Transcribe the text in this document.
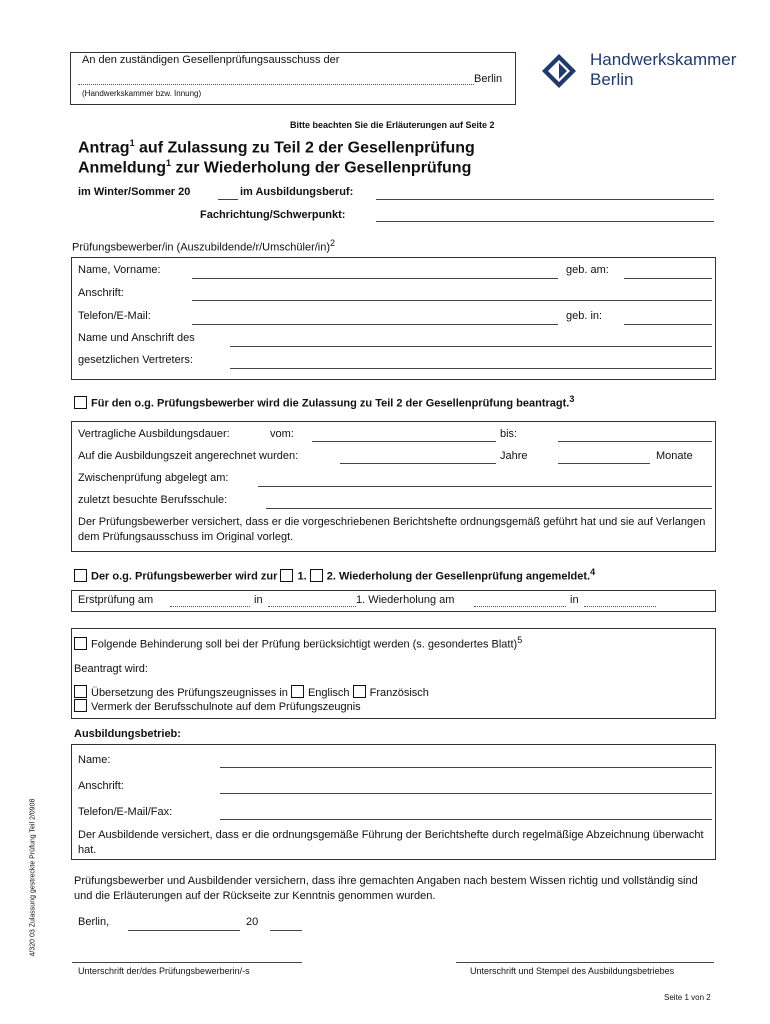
An den zuständigen Gesellenprüfungsausschuss der
Berlin
(Handwerkskammer bzw. Innung)
Handwerkskammer
Berlin
Bitte beachten Sie die Erläuterungen auf Seite 2
Antrag$^1$ auf Zulassung zu Teil 2 der Gesellenprüfung
Anmeldung$^1$ zur Wiederholung der Gesellenprüfung
im Winter/Sommer 20	im Ausbildungsberuf:
Fachrichtung/Schwerpunkt:
Prüfungsbewerber/in (Auszubildende/r/Umschüler/in)$^2$
Name, Vorname:	geb. am:
Anschrift:
Telefon/E-Mail:	geb. in:
Name und Anschrift des
gesetzlichen Vertreters:
Für den o.g. Prüfungsbewerber wird die Zulassung zu Teil 2 der Gesellenprüfung beantragt.$^3$
Vertragliche Ausbildungsdauer:	vom:	bis:
Auf die Ausbildungszeit angerechnet wurden:	Jahre	Monate
Zwischenprüfung abgelegt am:
zuletzt besuchte Berufsschule:
Der Prüfungsbewerber versichert, dass er die vorgeschriebenen Berichtshefte ordnungsgemäß geführt hat und sie auf Verlangen dem Prüfungsausschuss im Original vorlegt.
Der o.g. Prüfungsbewerber wird zur 1. 2. Wiederholung der Gesellenprüfung angemeldet.$^4$
Erstprüfung am	in	1. Wiederholung am	in
Folgende Behinderung soll bei der Prüfung berücksichtigt werden (s. gesondertes Blatt)$^5$
Beantragt wird:
Übersetzung des Prüfungszeugnisses in Englisch Französisch
Vermerk der Berufsschulnote auf dem Prüfungszeugnis
Ausbildungsbetrieb:
Name:
Anschrift:
Telefon/E-Mail/Fax:
Der Ausbildende versichert, dass er die ordnungsgemäße Führung der Berichtshefte durch regelmäßige Abzeichnung überwacht hat.
Prüfungsbewerber und Ausbildender versichern, dass ihre gemachten Angaben nach bestem Wissen richtig und vollständig sind und die Erläuterungen auf der Rückseite zur Kenntnis genommen wurden.
Berlin,	20
Unterschrift der/des Prüfungsbewerberin/-s	Unterschrift und Stempel des Ausbildungsbetriebes
4/320 03 Zulassung gestreckte Prüfung Teil 2/0908
Seite 1 von 2
